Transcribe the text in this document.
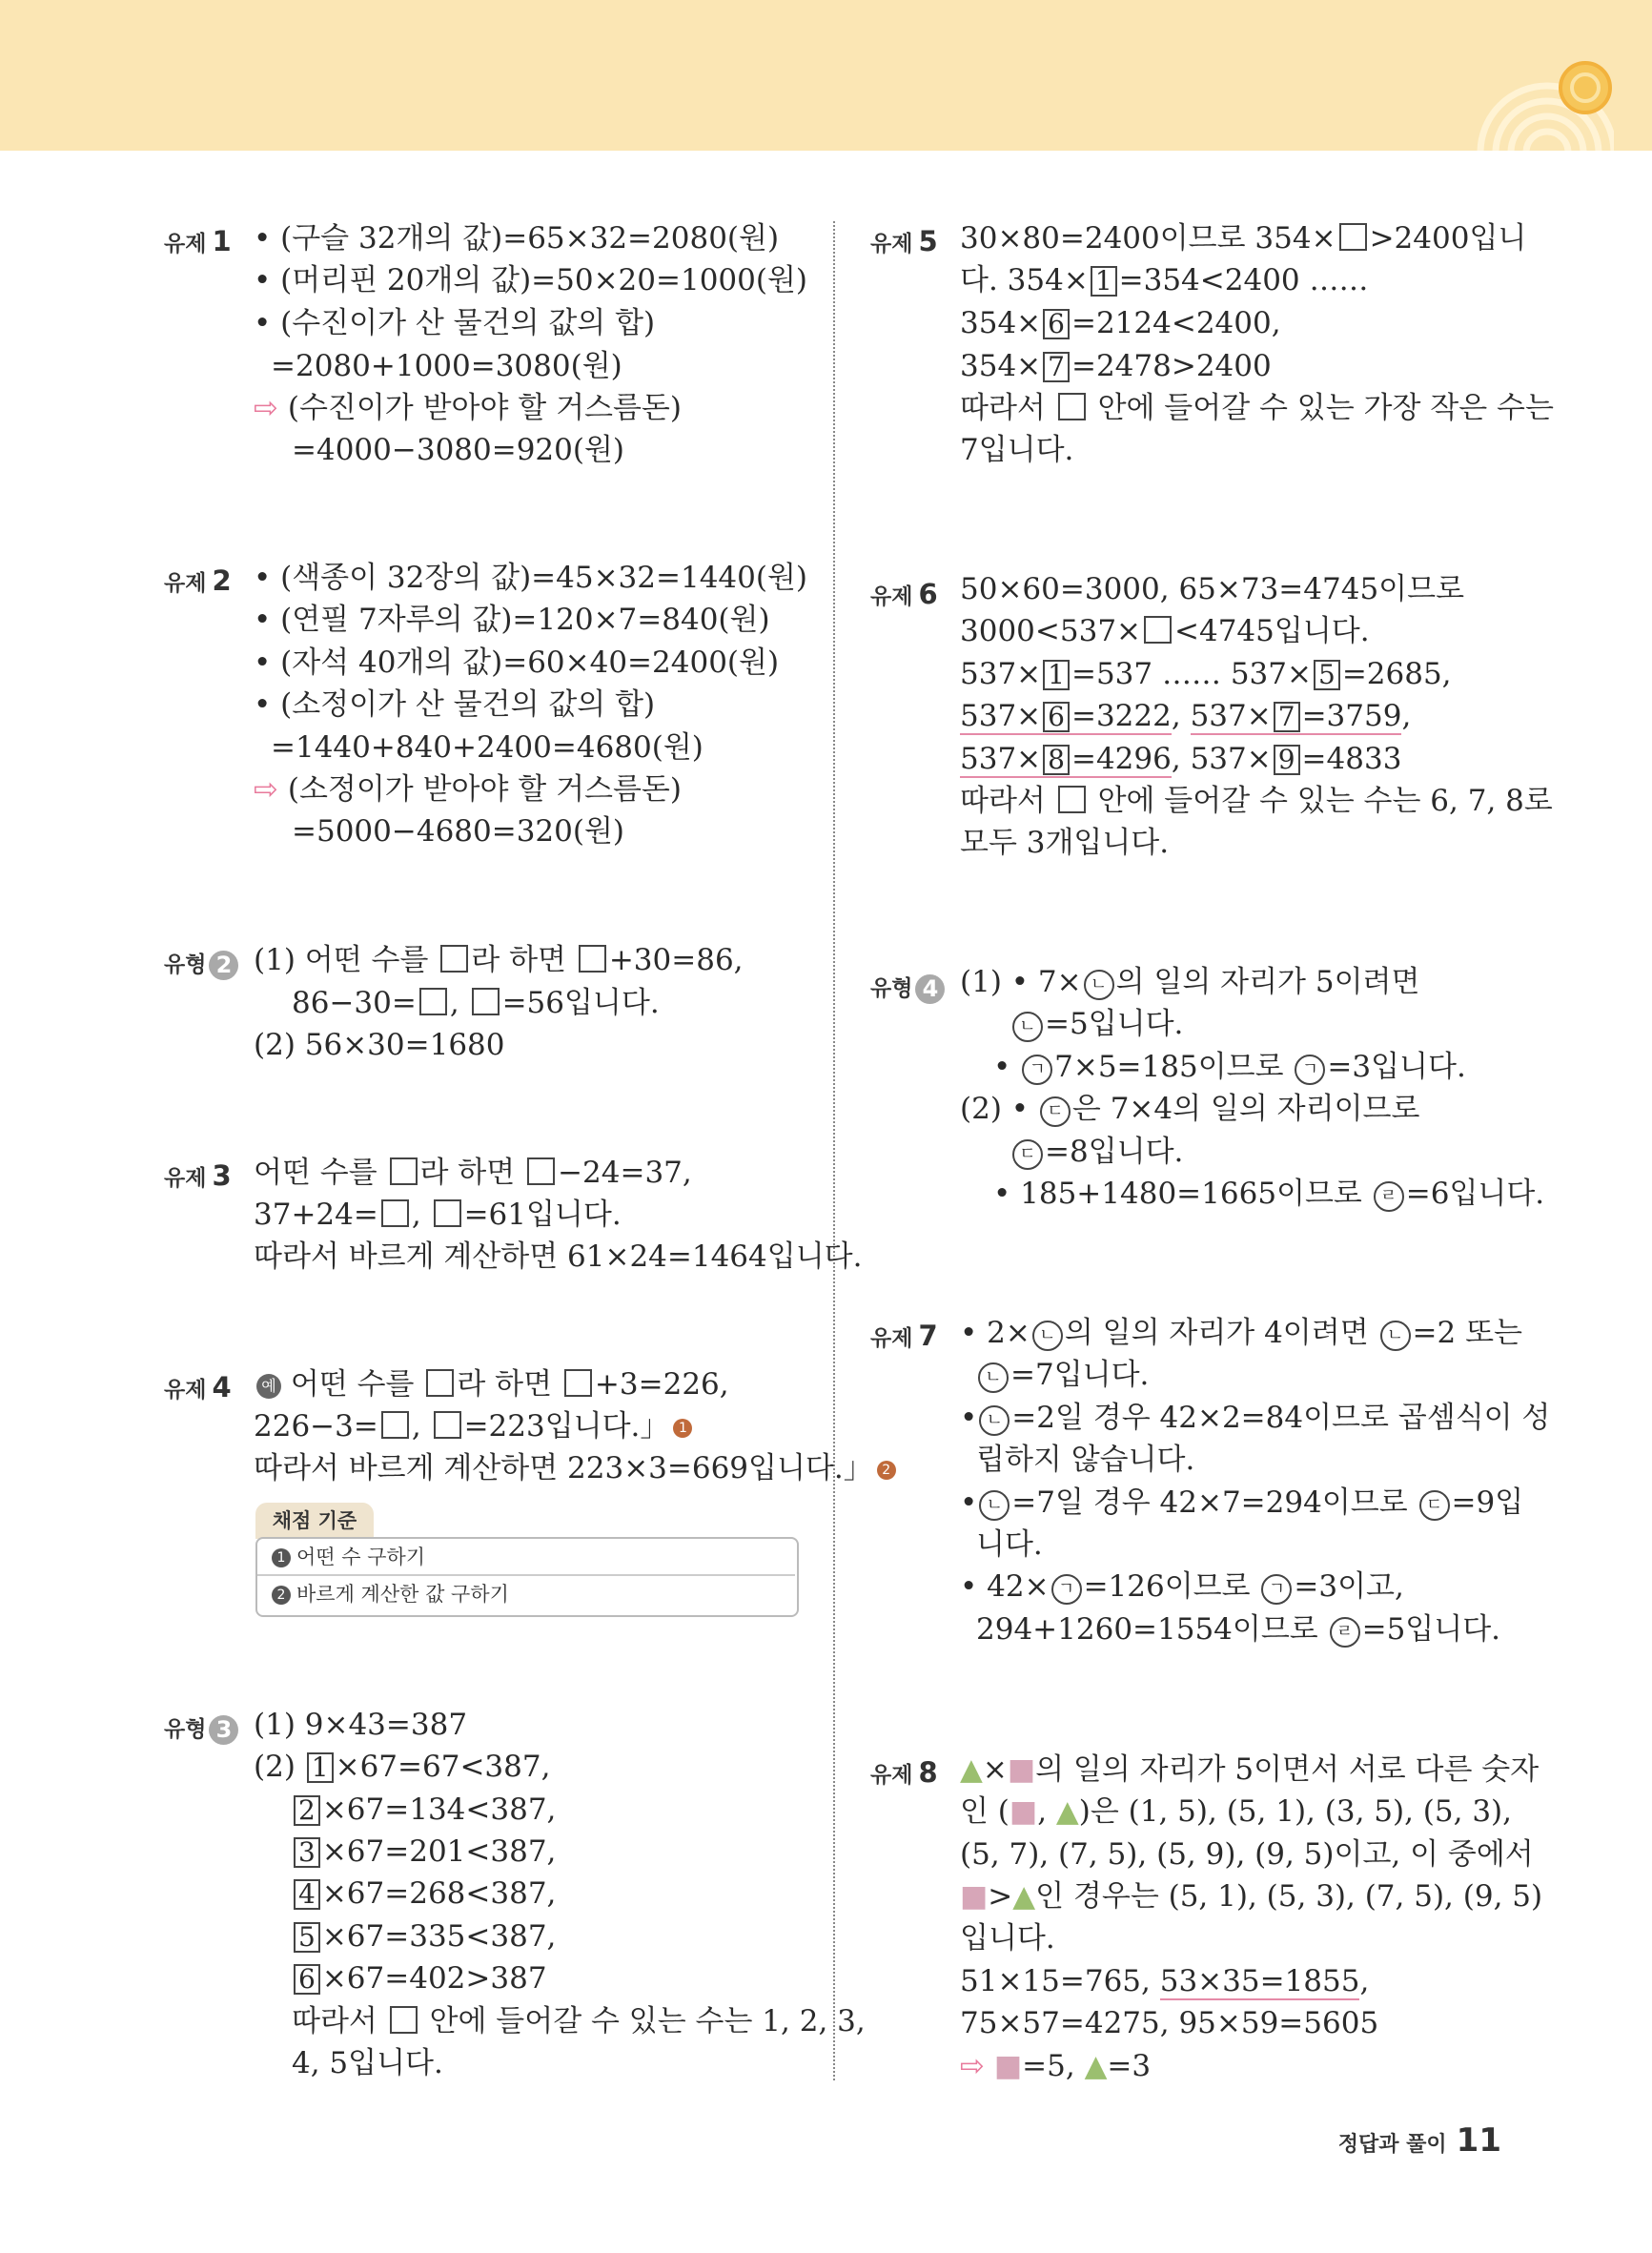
유제 1 • (구슬 32개의 값)=65×32=2080(원)
• (머리핀 20개의 값)=50×20=1000(원)
• (수진이가 산 물건의 값의 합)
=2080+1000=3080(원)
⇨ (수진이가 받아야 할 거스름돈)
=4000−3080=920(원)
유제 2 • (색종이 32장의 값)=45×32=1440(원)
• (연필 7자루의 값)=120×7=840(원)
• (자석 40개의 값)=60×40=2400(원)
• (소정이가 산 물건의 값의 합)
=1440+840+2400=4680(원)
⇨ (소정이가 받아야 할 거스름돈)
=5000−4680=320(원)
유형 2 (1) 어떤 수를 라 하면 +30=86,
86−30= , =56입니다.
(2) 56×30=1680
유제 3 어떤 수를 라 하면 −24=37,
37+24= , =61입니다.
따라서 바르게 계산하면 61×24=1464입니다.
유제 4	예 어떤 수를 라 하면 +3=226,
226−3= , =223입니다.」 1
따라서 바르게 계산하면 223×3=669입니다.」 2
채점 기준
1 어떤 수 구하기
2 바르게 계산한 값 구하기
유형 3 (1) 9×43=387
(2) 1 ×67=67<387,
2 ×67=134<387,
3 ×67=201<387,
4 ×67=268<387,
5 ×67=335<387,
6 ×67=402>387
따라서 안에 들어갈 수 있는 수는 1, 2, 3,
4, 5입니다.
유제 5 30×80=2400이므로 354× >2400입니
다. 354× 1 =354<2400 ……
354× 6 =2124<2400,
354× 7 =2478>2400
따라서 안에 들어갈 수 있는 가장 작은 수는
7입니다.
유제 6 50×60=3000, 65×73=4745이므로
3000<537× <4745입니다.
537× 1 =537 …… 537× 5 =2685,
537× 6 =3222, 537× 7 =3759,
537× 8 =4296, 537× 9 =4833
따라서 안에 들어갈 수 있는 수는 6, 7, 8로
모두 3개입니다.
유형 4 (1) • 7× ㄴ 의 일의 자리가 5이려면
ㄴ =5입니다.
• ㄱ 7×5=185이므로 ㄱ =3입니다.
(2) • ㄷ 은 7×4의 일의 자리이므로
ㄷ =8입니다.
• 185+1480=1665이므로 ㄹ =6입니다.
유제 7 • 2× ㄴ 의 일의 자리가 4이려면 ㄴ =2 또는
ㄴ =7입니다.
• ㄴ =2일 경우 42×2=84이므로 곱셈식이 성
립하지 않습니다.
• ㄴ =7일 경우 42×7=294이므로 ㄷ =9입
니다.
• 42× ㄱ =126이므로 ㄱ =3이고,
294+1260=1554이므로 ㄹ =5입니다.
유제 8 ▲×■의 일의 자리가 5이면서 서로 다른 숫자
인 (■, ▲)은 (1, 5), (5, 1), (3, 5), (5, 3),
(5, 7), (7, 5), (5, 9), (9, 5)이고, 이 중에서
■>▲인 경우는 (5, 1), (5, 3), (7, 5), (9, 5)
입니다.
51×15=765, 53×35=1855,
75×57=4275, 95×59=5605
⇨ ■=5, ▲=3
정답과 풀이 11
